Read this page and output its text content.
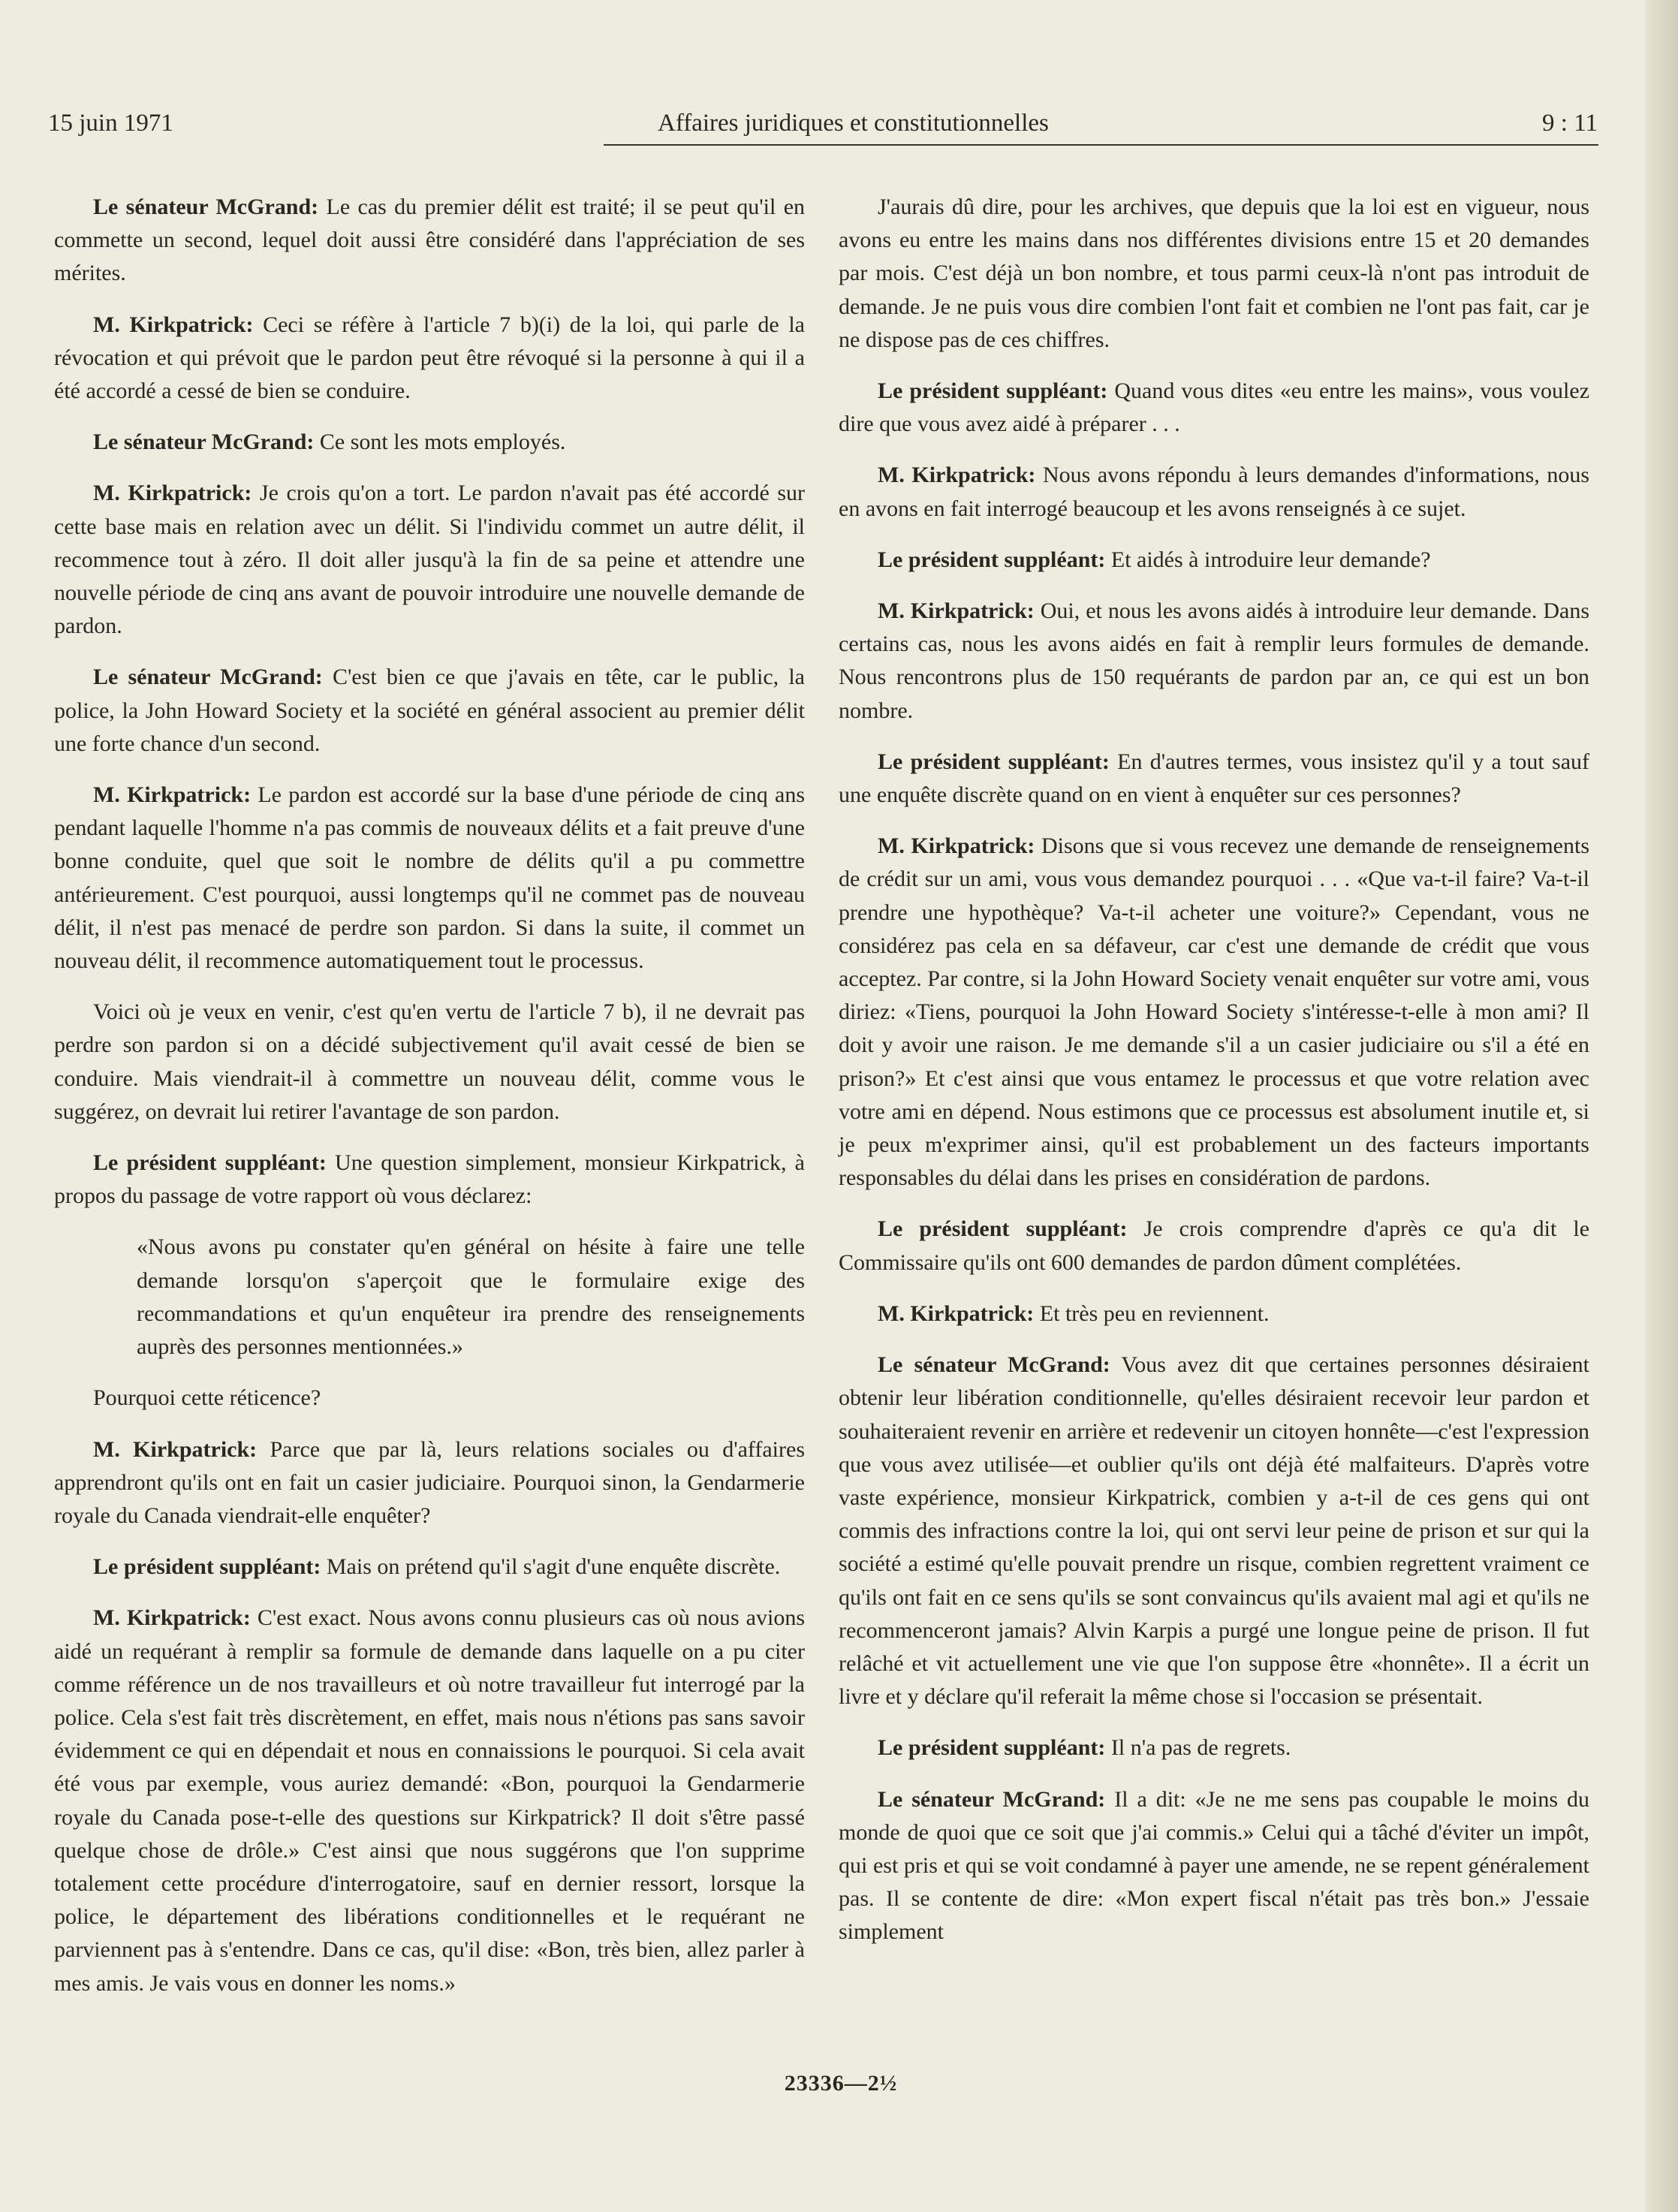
15 juin 1971	Affaires juridiques et constitutionnelles	9 : 11

Le sénateur McGrand: Le cas du premier délit est traité; il se peut qu'il en commette un second, lequel doit aussi être considéré dans l'appréciation de ses mérites.

M. Kirkpatrick: Ceci se réfère à l'article 7 b)(i) de la loi, qui parle de la révocation et qui prévoit que le pardon peut être révoqué si la personne à qui il a été accordé a cessé de bien se conduire.

Le sénateur McGrand: Ce sont les mots employés.

M. Kirkpatrick: Je crois qu'on a tort. Le pardon n'avait pas été accordé sur cette base mais en relation avec un délit. Si l'individu commet un autre délit, il recommence tout à zéro. Il doit aller jusqu'à la fin de sa peine et attendre une nouvelle période de cinq ans avant de pouvoir introduire une nouvelle demande de pardon.

Le sénateur McGrand: C'est bien ce que j'avais en tête, car le public, la police, la John Howard Society et la société en général associent au premier délit une forte chance d'un second.

M. Kirkpatrick: Le pardon est accordé sur la base d'une période de cinq ans pendant laquelle l'homme n'a pas commis de nouveaux délits et a fait preuve d'une bonne conduite, quel que soit le nombre de délits qu'il a pu commettre antérieurement. C'est pourquoi, aussi longtemps qu'il ne commet pas de nouveau délit, il n'est pas menacé de perdre son pardon. Si dans la suite, il commet un nouveau délit, il recommence automatiquement tout le processus.

Voici où je veux en venir, c'est qu'en vertu de l'article 7 b), il ne devrait pas perdre son pardon si on a décidé subjectivement qu'il avait cessé de bien se conduire. Mais viendrait-il à commettre un nouveau délit, comme vous le suggérez, on devrait lui retirer l'avantage de son pardon.

Le président suppléant: Une question simplement, monsieur Kirkpatrick, à propos du passage de votre rapport où vous déclarez:

«Nous avons pu constater qu'en général on hésite à faire une telle demande lorsqu'on s'aperçoit que le formulaire exige des recommandations et qu'un enquêteur ira prendre des renseignements auprès des personnes mentionnées.»

Pourquoi cette réticence?

M. Kirkpatrick: Parce que par là, leurs relations sociales ou d'affaires apprendront qu'ils ont en fait un casier judiciaire. Pourquoi sinon, la Gendarmerie royale du Canada viendrait-elle enquêter?

Le président suppléant: Mais on prétend qu'il s'agit d'une enquête discrète.

M. Kirkpatrick: C'est exact. Nous avons connu plusieurs cas où nous avions aidé un requérant à remplir sa formule de demande dans laquelle on a pu citer comme référence un de nos travailleurs et où notre travailleur fut interrogé par la police. Cela s'est fait très discrètement, en effet, mais nous n'étions pas sans savoir évidemment ce qui en dépendait et nous en connaissions le pourquoi. Si cela avait été vous par exemple, vous auriez demandé: «Bon, pourquoi la Gendarmerie royale du Canada pose-t-elle des questions sur Kirkpatrick? Il doit s'être passé quelque chose de drôle.» C'est ainsi que nous suggérons que l'on supprime totalement cette procédure d'interrogatoire, sauf en dernier ressort, lorsque la police, le département des libérations conditionnelles et le requérant ne parviennent pas à s'entendre. Dans ce cas, qu'il dise: «Bon, très bien, allez parler à mes amis. Je vais vous en donner les noms.»

J'aurais dû dire, pour les archives, que depuis que la loi est en vigueur, nous avons eu entre les mains dans nos différentes divisions entre 15 et 20 demandes par mois. C'est déjà un bon nombre, et tous parmi ceux-là n'ont pas introduit de demande. Je ne puis vous dire combien l'ont fait et combien ne l'ont pas fait, car je ne dispose pas de ces chiffres.

Le président suppléant: Quand vous dites «eu entre les mains», vous voulez dire que vous avez aidé à préparer . . .

M. Kirkpatrick: Nous avons répondu à leurs demandes d'informations, nous en avons en fait interrogé beaucoup et les avons renseignés à ce sujet.

Le président suppléant: Et aidés à introduire leur demande?

M. Kirkpatrick: Oui, et nous les avons aidés à introduire leur demande. Dans certains cas, nous les avons aidés en fait à remplir leurs formules de demande. Nous rencontrons plus de 150 requérants de pardon par an, ce qui est un bon nombre.

Le président suppléant: En d'autres termes, vous insistez qu'il y a tout sauf une enquête discrète quand on en vient à enquêter sur ces personnes?

M. Kirkpatrick: Disons que si vous recevez une demande de renseignements de crédit sur un ami, vous vous demandez pourquoi . . . «Que va-t-il faire? Va-t-il prendre une hypothèque? Va-t-il acheter une voiture?» Cependant, vous ne considérez pas cela en sa défaveur, car c'est une demande de crédit que vous acceptez. Par contre, si la John Howard Society venait enquêter sur votre ami, vous diriez: «Tiens, pourquoi la John Howard Society s'intéresse-t-elle à mon ami? Il doit y avoir une raison. Je me demande s'il a un casier judiciaire ou s'il a été en prison?» Et c'est ainsi que vous entamez le processus et que votre relation avec votre ami en dépend. Nous estimons que ce processus est absolument inutile et, si je peux m'exprimer ainsi, qu'il est probablement un des facteurs importants responsables du délai dans les prises en considération de pardons.

Le président suppléant: Je crois comprendre d'après ce qu'a dit le Commissaire qu'ils ont 600 demandes de pardon dûment complétées.

M. Kirkpatrick: Et très peu en reviennent.

Le sénateur McGrand: Vous avez dit que certaines personnes désiraient obtenir leur libération conditionnelle, qu'elles désiraient recevoir leur pardon et souhaiteraient revenir en arrière et redevenir un citoyen honnête—c'est l'expression que vous avez utilisée—et oublier qu'ils ont déjà été malfaiteurs. D'après votre vaste expérience, monsieur Kirkpatrick, combien y a-t-il de ces gens qui ont commis des infractions contre la loi, qui ont servi leur peine de prison et sur qui la société a estimé qu'elle pouvait prendre un risque, combien regrettent vraiment ce qu'ils ont fait en ce sens qu'ils se sont convaincus qu'ils avaient mal agi et qu'ils ne recommenceront jamais? Alvin Karpis a purgé une longue peine de prison. Il fut relâché et vit actuellement une vie que l'on suppose être «honnête». Il a écrit un livre et y déclare qu'il referait la même chose si l'occasion se présentait.

Le président suppléant: Il n'a pas de regrets.

Le sénateur McGrand: Il a dit: «Je ne me sens pas coupable le moins du monde de quoi que ce soit que j'ai commis.» Celui qui a tâché d'éviter un impôt, qui est pris et qui se voit condamné à payer une amende, ne se repent généralement pas. Il se contente de dire: «Mon expert fiscal n'était pas très bon.» J'essaie simplement

23336—2½
